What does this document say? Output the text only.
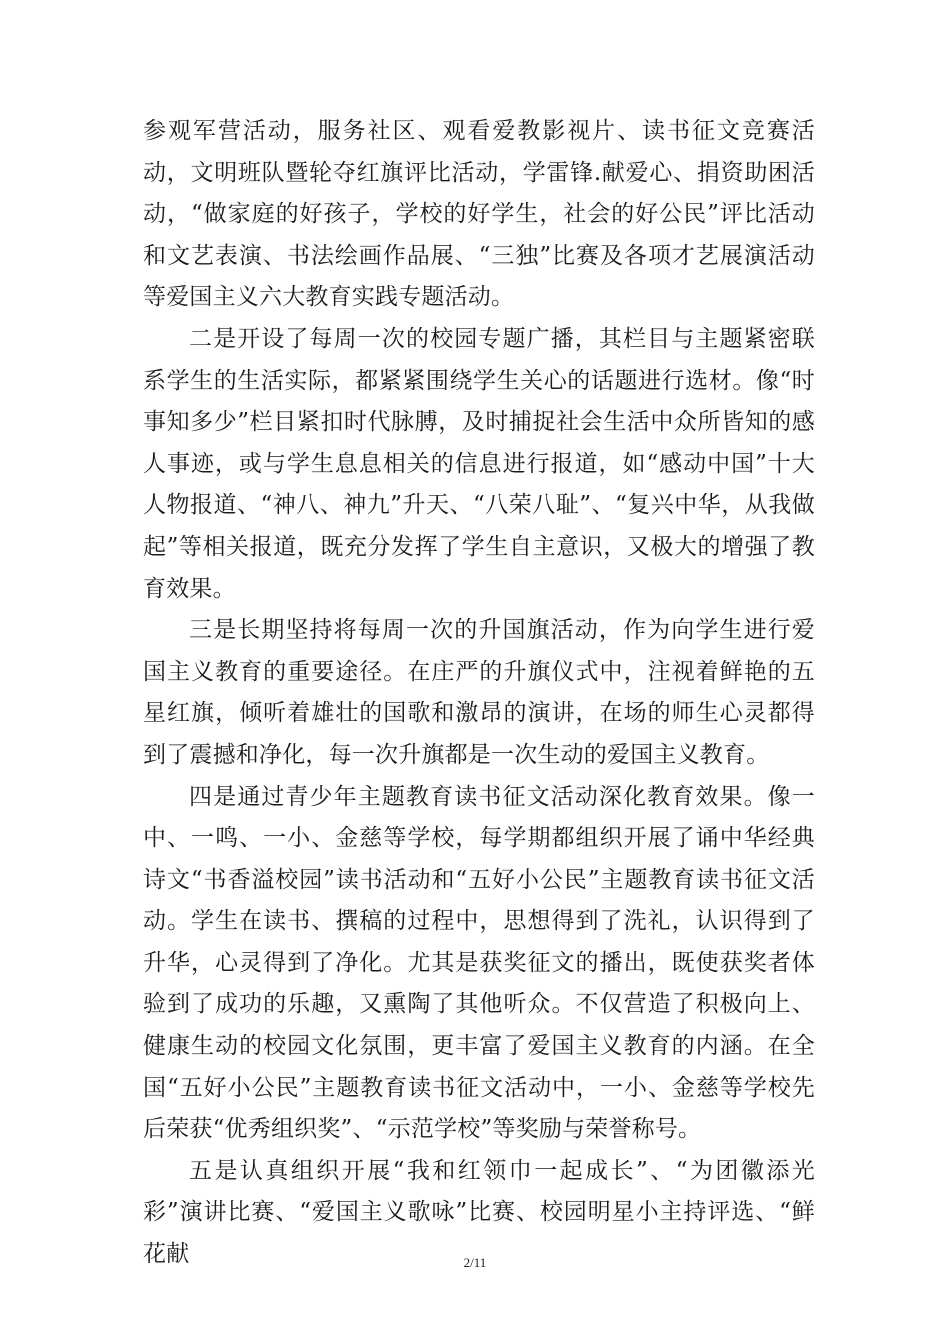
参观军营活动，服务社区、观看爱教影视片、读书征文竞赛活动，文明班队暨轮夺红旗评比活动，学雷锋.献爱心、捐资助困活动，“做家庭的好孩子，学校的好学生，社会的好公民”评比活动和文艺表演、书法绘画作品展、“三独”比赛及各项才艺展演活动等爱国主义六大教育实践专题活动。

二是开设了每周一次的校园专题广播，其栏目与主题紧密联系学生的生活实际，都紧紧围绕学生关心的话题进行选材。像“时事知多少”栏目紧扣时代脉膊，及时捕捉社会生活中众所皆知的感人事迹，或与学生息息相关的信息进行报道，如“感动中国”十大人物报道、“神八、神九”升天、“八荣八耻”、“复兴中华，从我做起”等相关报道，既充分发挥了学生自主意识，又极大的增强了教育效果。

三是长期坚持将每周一次的升国旗活动，作为向学生进行爱国主义教育的重要途径。在庄严的升旗仪式中，注视着鲜艳的五星红旗，倾听着雄壮的国歌和激昂的演讲，在场的师生心灵都得到了震撼和净化，每一次升旗都是一次生动的爱国主义教育。

四是通过青少年主题教育读书征文活动深化教育效果。像一中、一鸣、一小、金慈等学校，每学期都组织开展了诵中华经典诗文“书香溢校园”读书活动和“五好小公民”主题教育读书征文活动。学生在读书、撰稿的过程中，思想得到了洗礼，认识得到了升华，心灵得到了净化。尤其是获奖征文的播出，既使获奖者体验到了成功的乐趣，又熏陶了其他听众。不仅营造了积极向上、健康生动的校园文化氛围，更丰富了爱国主义教育的内涵。在全国“五好小公民”主题教育读书征文活动中，一小、金慈等学校先后荣获“优秀组织奖”、“示范学校”等奖励与荣誉称号。

五是认真组织开展“我和红领巾一起成长”、“为团徽添光彩”演讲比赛、“爱国主义歌咏”比赛、校园明星小主持评选、“鲜花献	2/11
